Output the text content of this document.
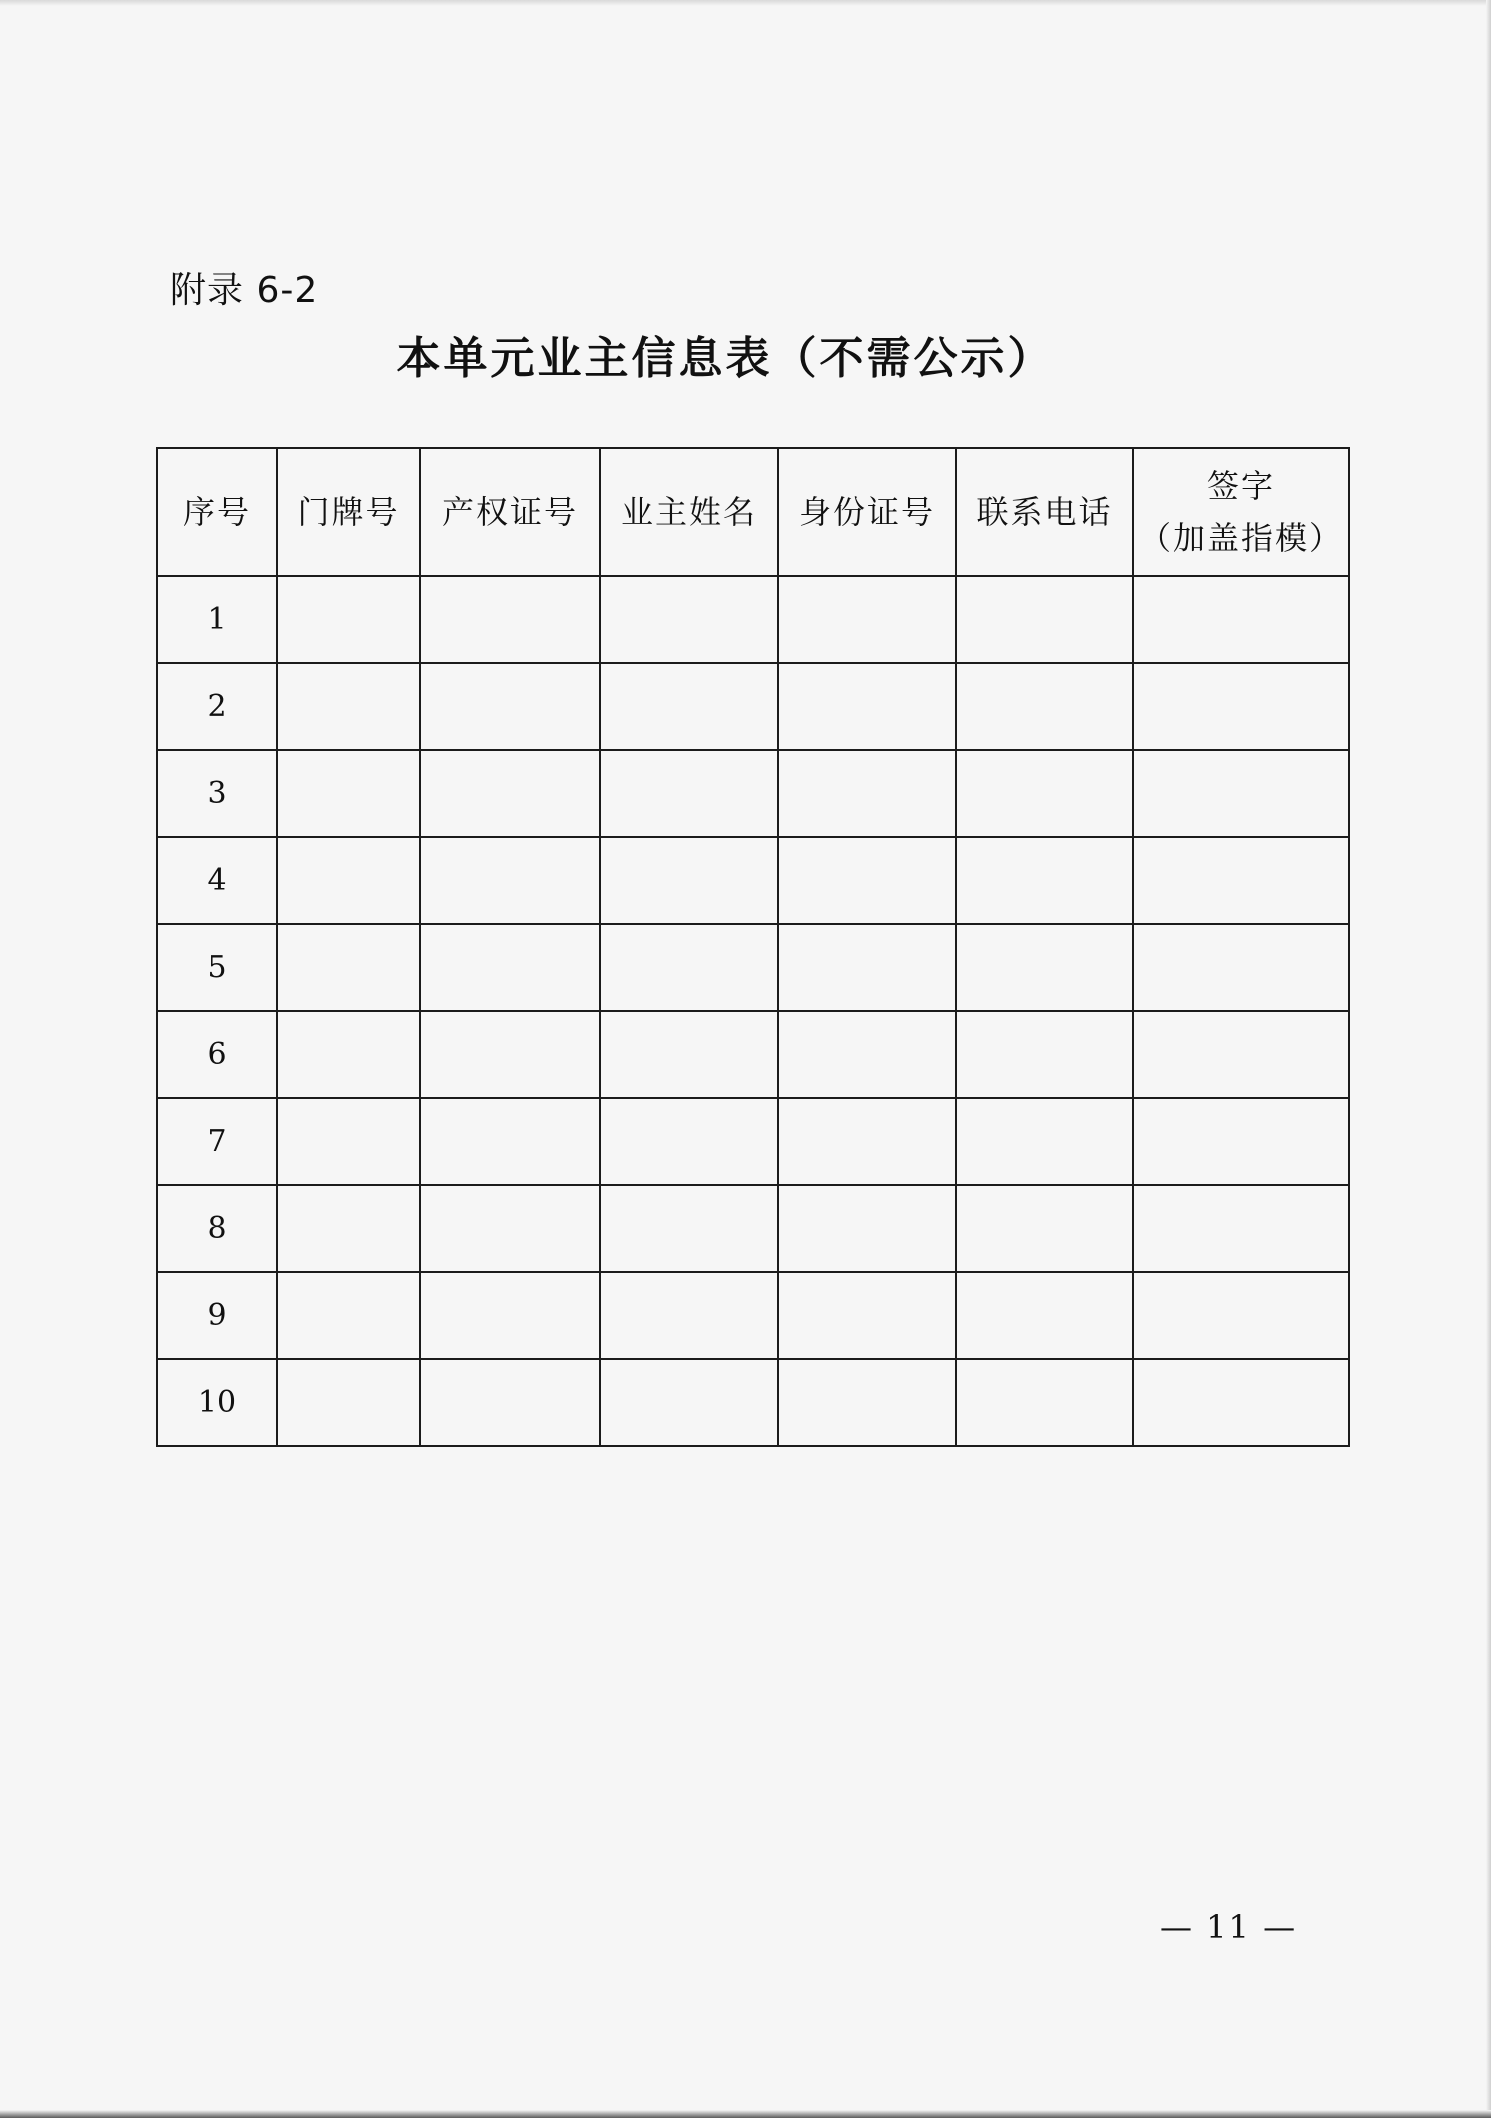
附录 6-2
本单元业主信息表（不需公示）
序号	门牌号	产权证号	业主姓名	身份证号	联系电话	签字
（加盖指模）

1						
2						
3						
4						
5						
6						
7						
8						
9						
10						
— 11 —
